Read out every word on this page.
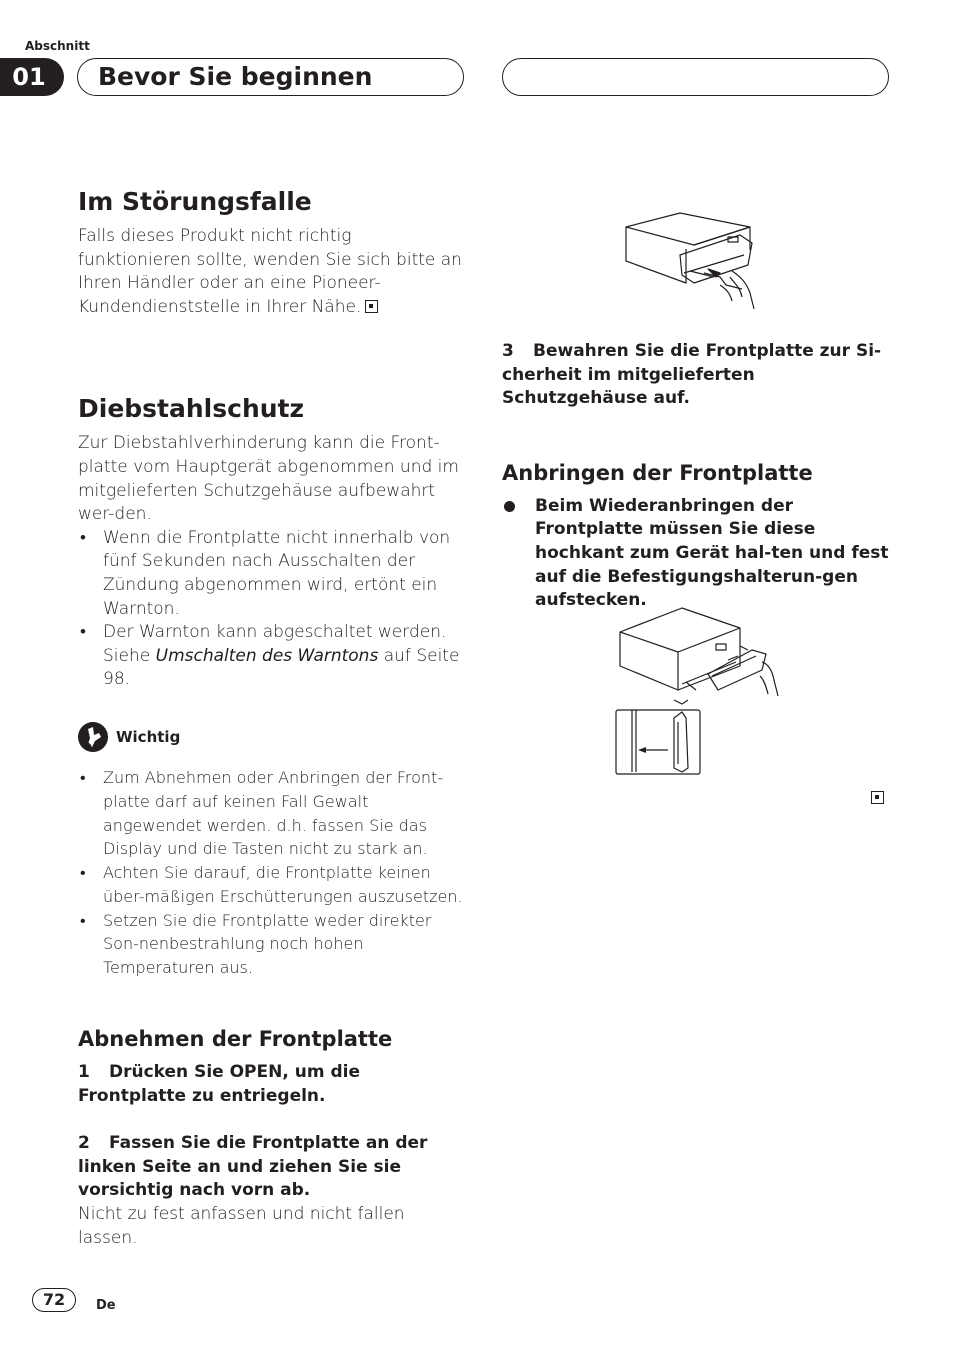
Abschnitt
01	Bevor Sie beginnen
Im Störungsfalle
Falls dieses Produkt nicht richtig funktionieren sollte, wenden Sie sich bitte an Ihren Händler oder an eine Pioneer-Kundendienststelle in Ihrer Nähe.
Diebstahlschutz
Zur Diebstahlverhinderung kann die Front-platte vom Hauptgerät abgenommen und im mitgelieferten Schutzgehäuse aufbewahrt wer-den.
• Wenn die Frontplatte nicht innerhalb von fünf Sekunden nach Ausschalten der Zündung abgenommen wird, ertönt ein Warnton.
• Der Warnton kann abgeschaltet werden. Siehe Umschalten des Warntons auf Seite 98.
Wichtig
• Zum Abnehmen oder Anbringen der Front-platte darf auf keinen Fall Gewalt angewendet werden. d.h. fassen Sie das Display und die Tasten nicht zu stark an.
• Achten Sie darauf, die Frontplatte keinen über-mäßigen Erschütterungen auszusetzen.
• Setzen Sie die Frontplatte weder direkter Son-nenbestrahlung noch hohen Temperaturen aus.
Abnehmen der Frontplatte
1 Drücken Sie OPEN, um die Frontplatte zu entriegeln.
2 Fassen Sie die Frontplatte an der linken Seite an und ziehen Sie sie vorsichtig nach vorn ab.
Nicht zu fest anfassen und nicht fallen lassen.
3 Bewahren Sie die Frontplatte zur Si-cherheit im mitgelieferten Schutzgehäuse auf.
Anbringen der Frontplatte
Beim Wiederanbringen der Frontplatte müssen Sie diese hochkant zum Gerät hal-ten und fest auf die Befestigungshalterun-gen aufstecken.
72	De
